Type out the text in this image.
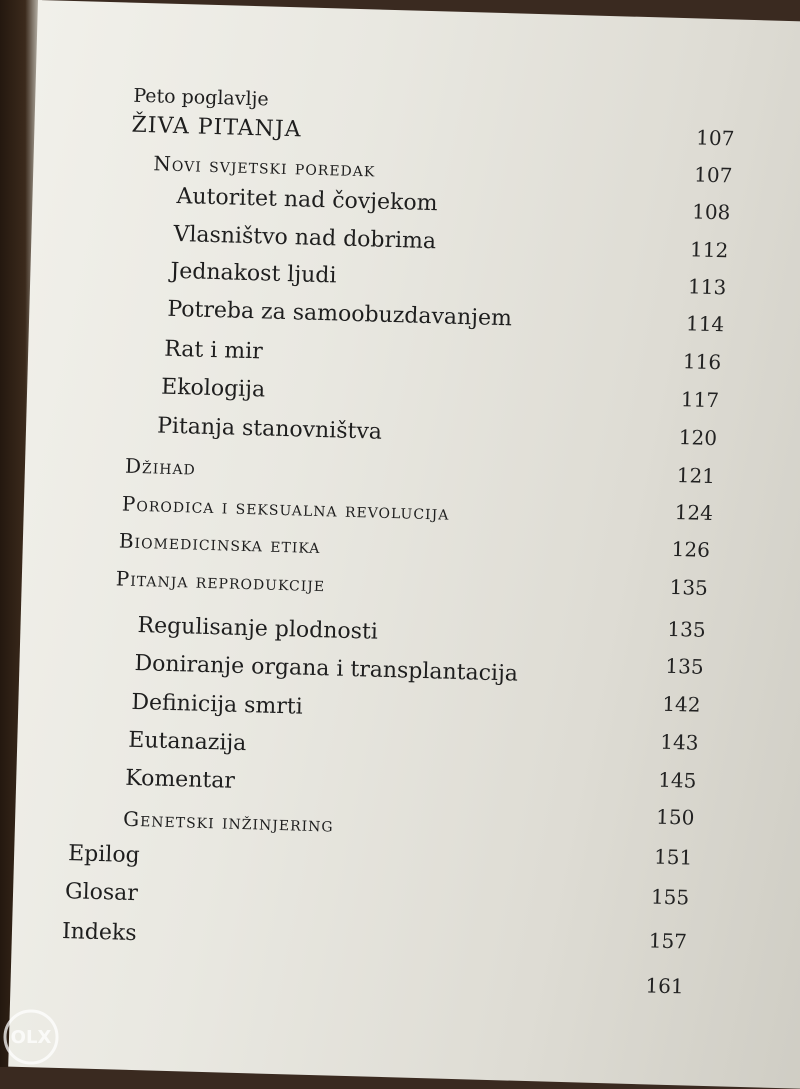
Peto poglavlje
ŽIVA PITANJA
Novi svjetski poredak
Autoritet nad čovjekom
Vlasništvo nad dobrima
Jednakost ljudi
Potreba za samoobuzdavanjem
Rat i mir
Ekologija
Pitanja stanovništva
Džihad
Porodica i seksualna revolucija
Biomedicinska etika
Pitanja reprodukcije
Regulisanje plodnosti
Doniranje organa i transplantacija
Definicija smrti
Eutanazija
Komentar
Genetski inžinjering
Epilog
Glosar
Indeks
107
107
108
112
113
114
116
117
120
121
124
126
135
135
135
142
143
145
150
151
155
157
161
OLX
